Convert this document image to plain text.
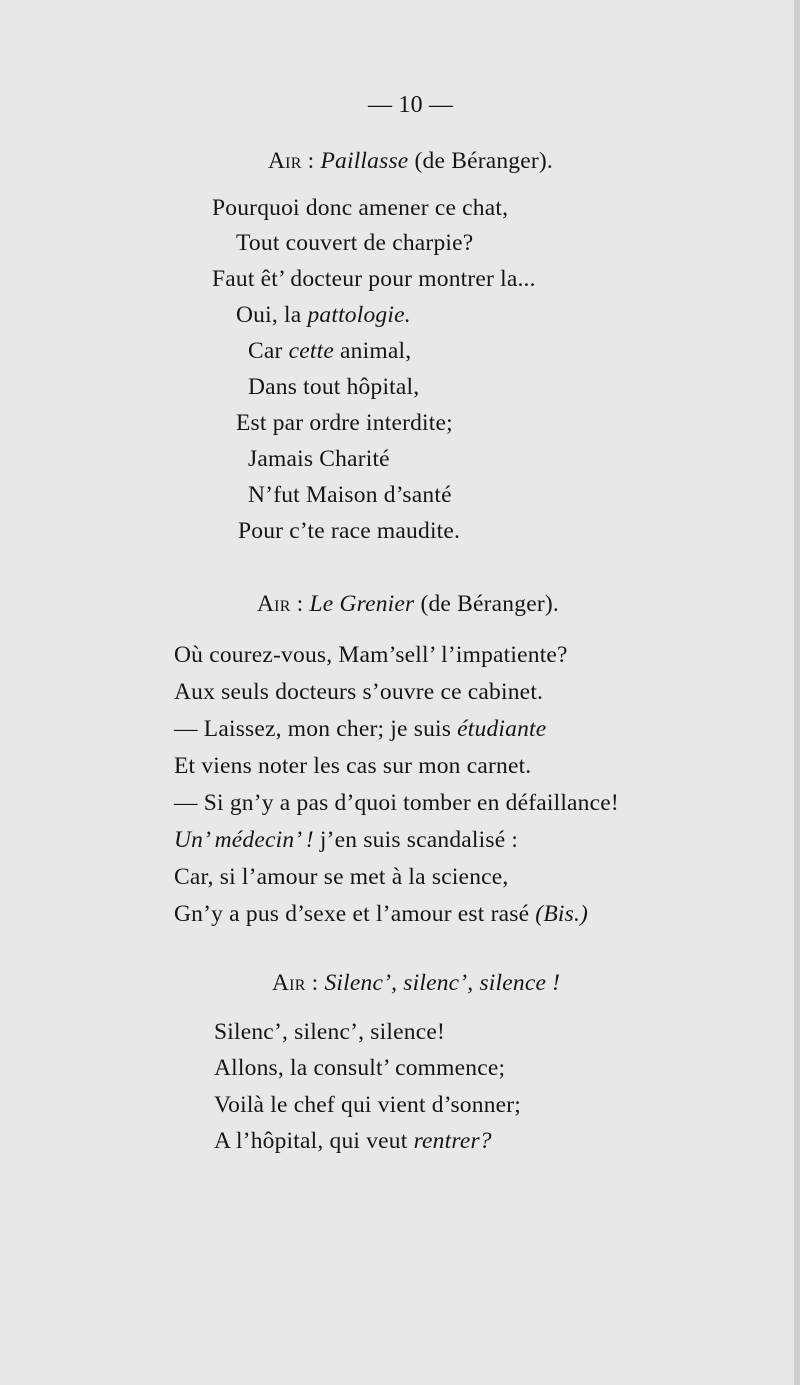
— 10 —
Air : Paillasse (de Béranger).
Pourquoi donc amener ce chat,
Tout couvert de charpie?
Faut êt’ docteur pour montrer la...
Oui, la pattologie.
Car cette animal,
Dans tout hôpital,
Est par ordre interdite;
Jamais Charité
N’fut Maison d’santé
Pour c’te race maudite.
Air : Le Grenier (de Béranger).
Où courez-vous, Mam’sell’ l’impatiente?
Aux seuls docteurs s’ouvre ce cabinet.
— Laissez, mon cher; je suis étudiante
Et viens noter les cas sur mon carnet.
— Si gn’y a pas d’quoi tomber en défaillance!
Un’ médecin’ ! j’en suis scandalisé :
Car, si l’amour se met à la science,
Gn’y a pus d’sexe et l’amour est rasé (Bis.)
Air : Silenc’, silenc’, silence !
Silenc’, silenc’, silence!
Allons, la consult’ commence;
Voilà le chef qui vient d’sonner;
A l’hôpital, qui veut rentrer?
